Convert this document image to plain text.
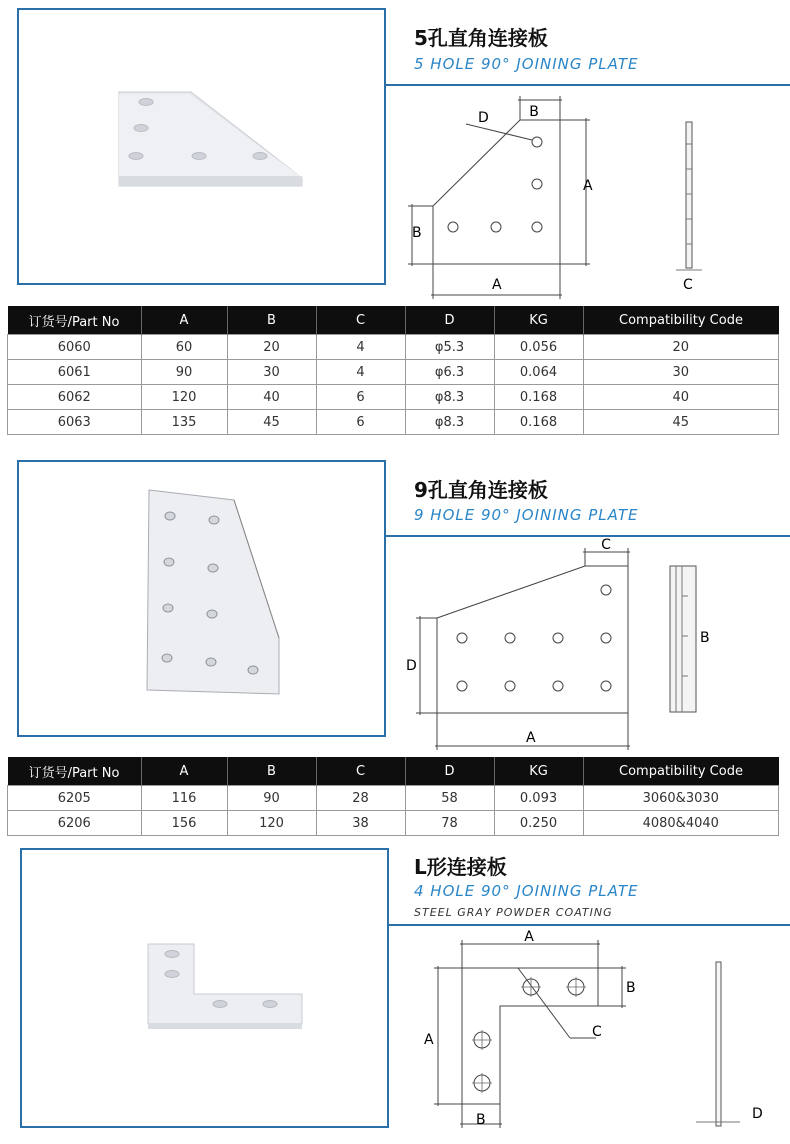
5孔直角连接板
5 HOLE 90° JOINING PLATE
B
D
A
B
A	C
订货号/Part No	A	B	C	D	KG	Compatibility Code
6060	60	20	4	φ5.3	0.056	20
6061	90	30	4	φ6.3	0.064	30
6062	120	40	6	φ8.3	0.168	40
6063	135	45	6	φ8.3	0.168	45
9孔直角连接板
9 HOLE 90° JOINING PLATE
C
D
A
B
订货号/Part No	A	B	C	D	KG	Compatibility Code
6205	116	90	28	58	0.093	3060&3030
6206	156	120	38	78	0.250	4080&4040
L形连接板
4 HOLE 90° JOINING PLATE
STEEL GRAY POWDER COATING
A
B
A	C
B	D
